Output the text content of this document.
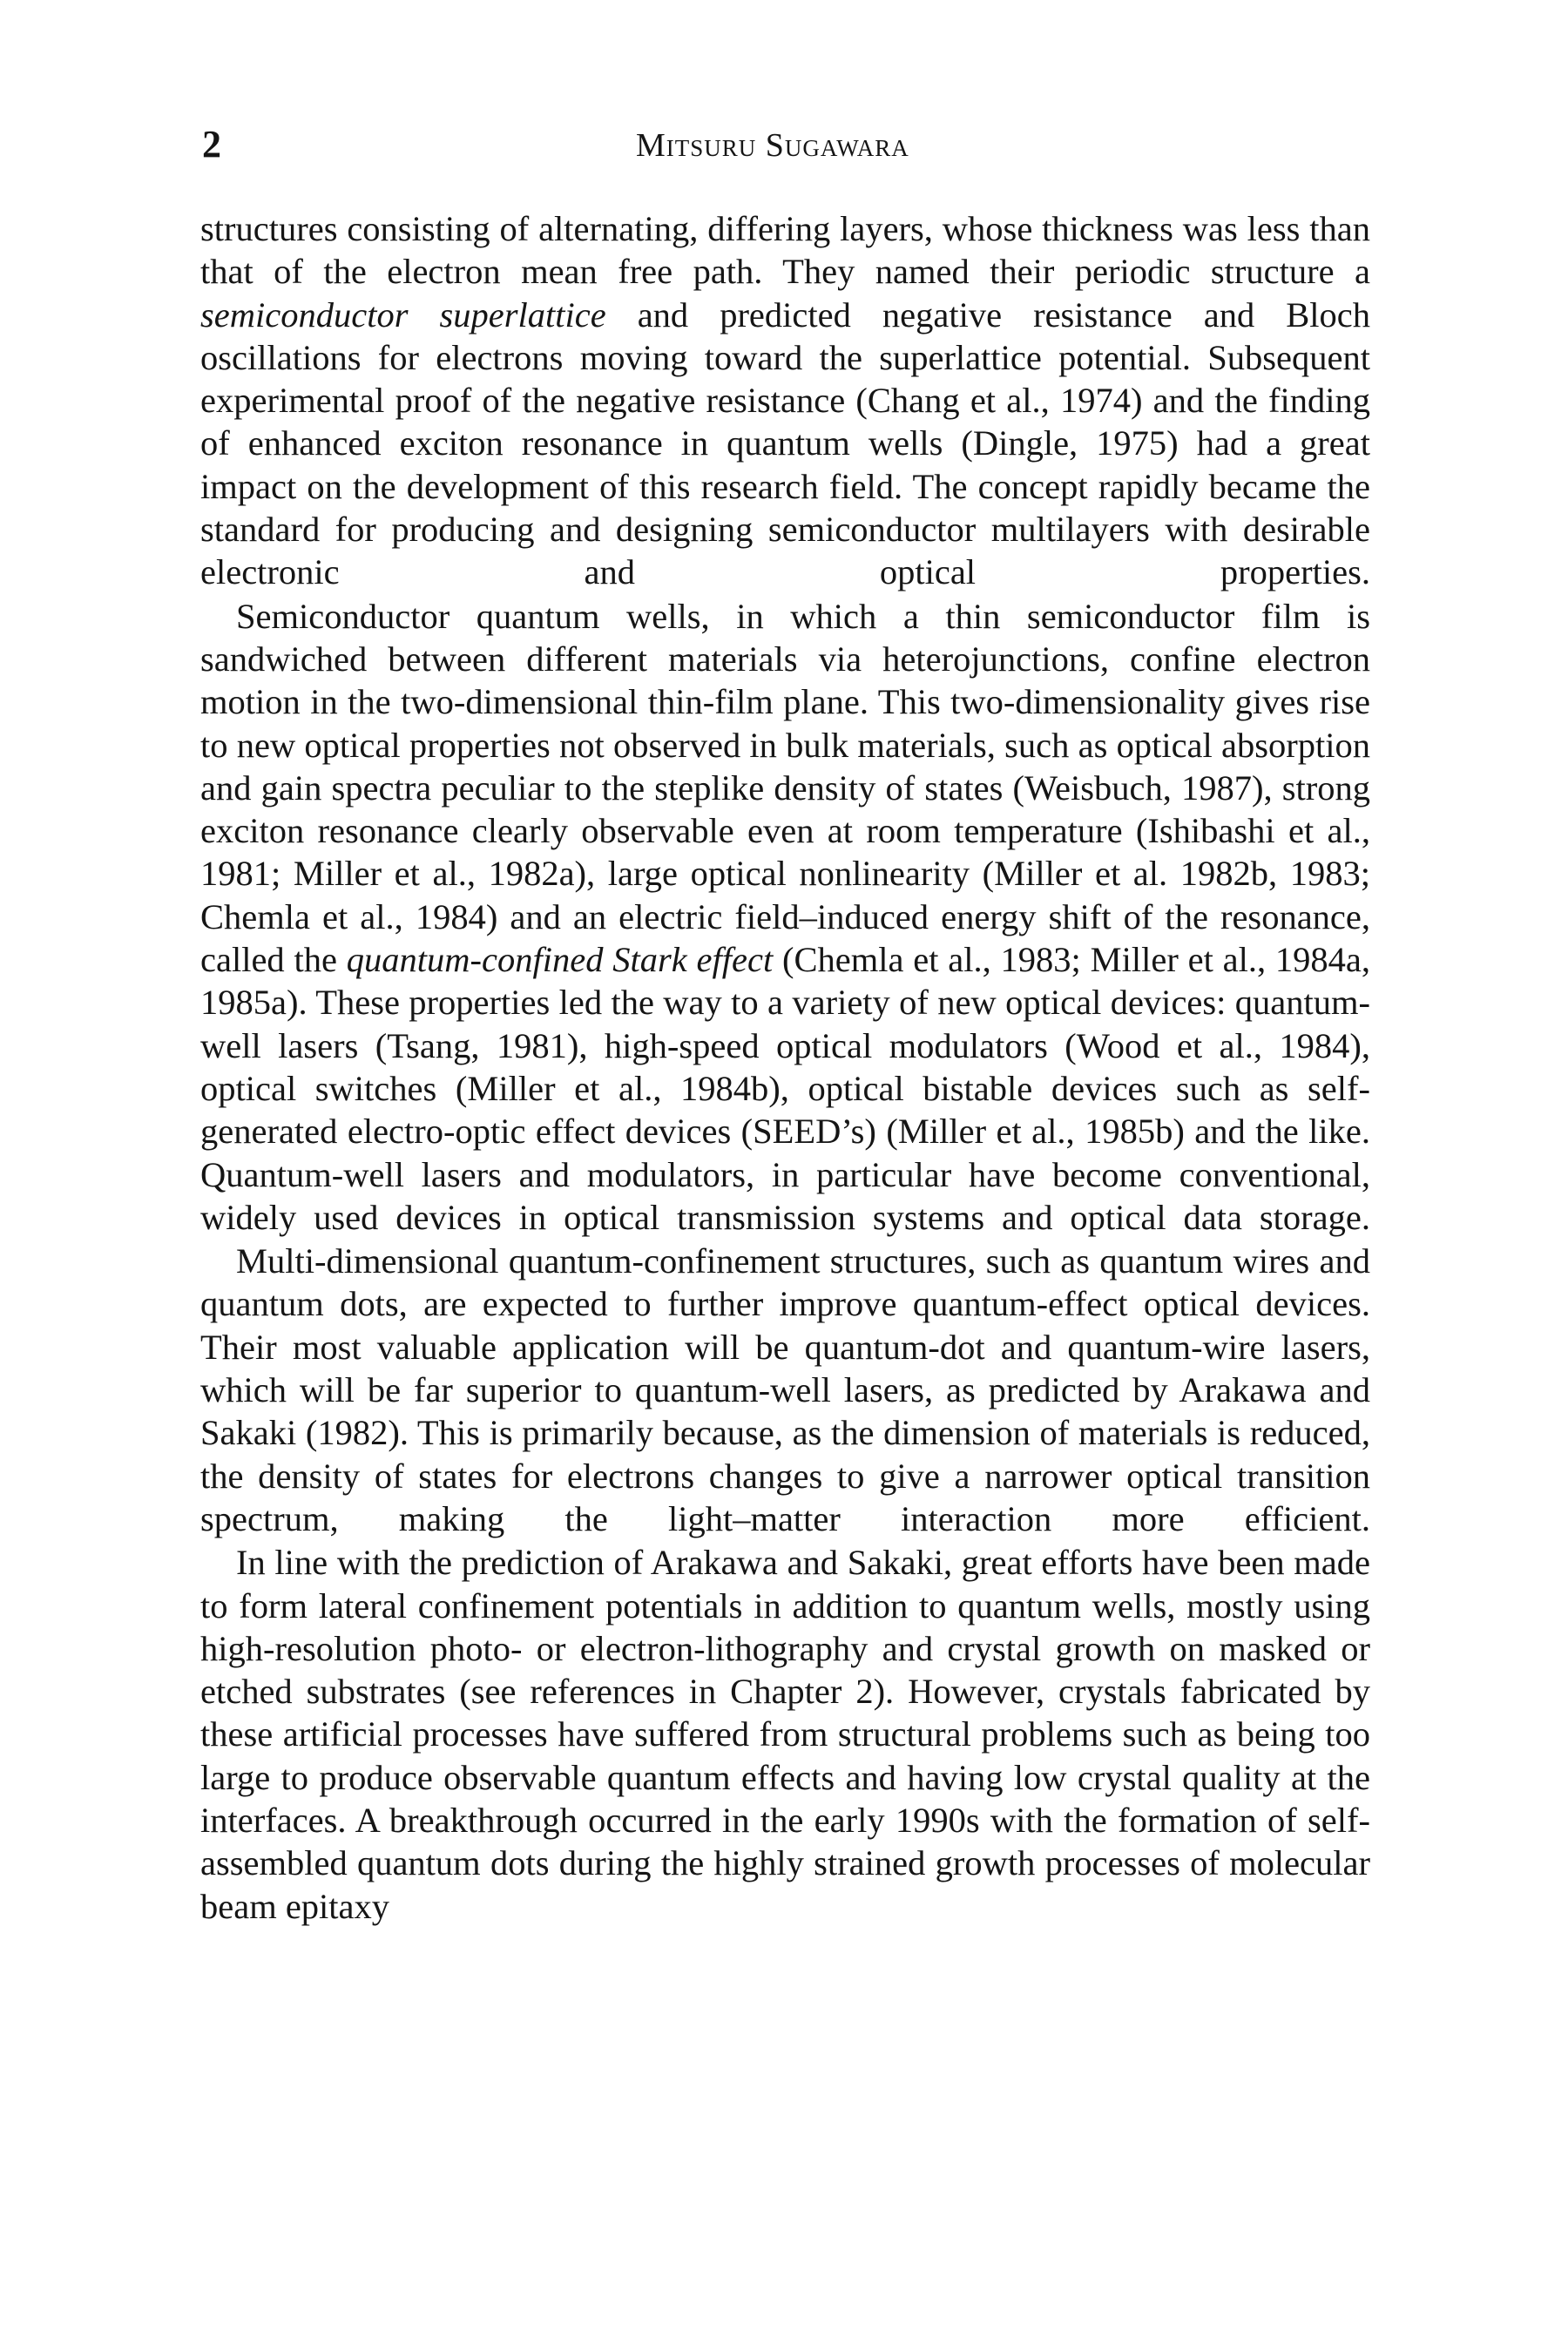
2	Mitsuru Sugawara

structures consisting of alternating, differing layers, whose thickness was less than that of the electron mean free path. They named their periodic structure a semiconductor superlattice and predicted negative resistance and Bloch oscillations for electrons moving toward the superlattice potential. Subsequent experimental proof of the negative resistance (Chang et al., 1974) and the finding of enhanced exciton resonance in quantum wells (Dingle, 1975) had a great impact on the development of this research field. The concept rapidly became the standard for producing and designing semiconductor multilayers with desirable electronic and optical properties.

Semiconductor quantum wells, in which a thin semiconductor film is sandwiched between different materials via heterojunctions, confine electron motion in the two-dimensional thin-film plane. This two-dimensionality gives rise to new optical properties not observed in bulk materials, such as optical absorption and gain spectra peculiar to the steplike density of states (Weisbuch, 1987), strong exciton resonance clearly observable even at room temperature (Ishibashi et al., 1981; Miller et al., 1982a), large optical nonlinearity (Miller et al. 1982b, 1983; Chemla et al., 1984) and an electric field–induced energy shift of the resonance, called the quantum-confined Stark effect (Chemla et al., 1983; Miller et al., 1984a, 1985a). These properties led the way to a variety of new optical devices: quantum-well lasers (Tsang, 1981), high-speed optical modulators (Wood et al., 1984), optical switches (Miller et al., 1984b), optical bistable devices such as self-generated electro-optic effect devices (SEED’s) (Miller et al., 1985b) and the like. Quantum-well lasers and modulators, in particular have become conventional, widely used devices in optical transmission systems and optical data storage.

Multi-dimensional quantum-confinement structures, such as quantum wires and quantum dots, are expected to further improve quantum-effect optical devices. Their most valuable application will be quantum-dot and quantum-wire lasers, which will be far superior to quantum-well lasers, as predicted by Arakawa and Sakaki (1982). This is primarily because, as the dimension of materials is reduced, the density of states for electrons changes to give a narrower optical transition spectrum, making the light–matter interaction more efficient.

In line with the prediction of Arakawa and Sakaki, great efforts have been made to form lateral confinement potentials in addition to quantum wells, mostly using high-resolution photo- or electron-lithography and crystal growth on masked or etched substrates (see references in Chapter 2). However, crystals fabricated by these artificial processes have suffered from structural problems such as being too large to produce observable quantum effects and having low crystal quality at the interfaces. A breakthrough occurred in the early 1990s with the formation of self-assembled quantum dots during the highly strained growth processes of molecular beam epitaxy
